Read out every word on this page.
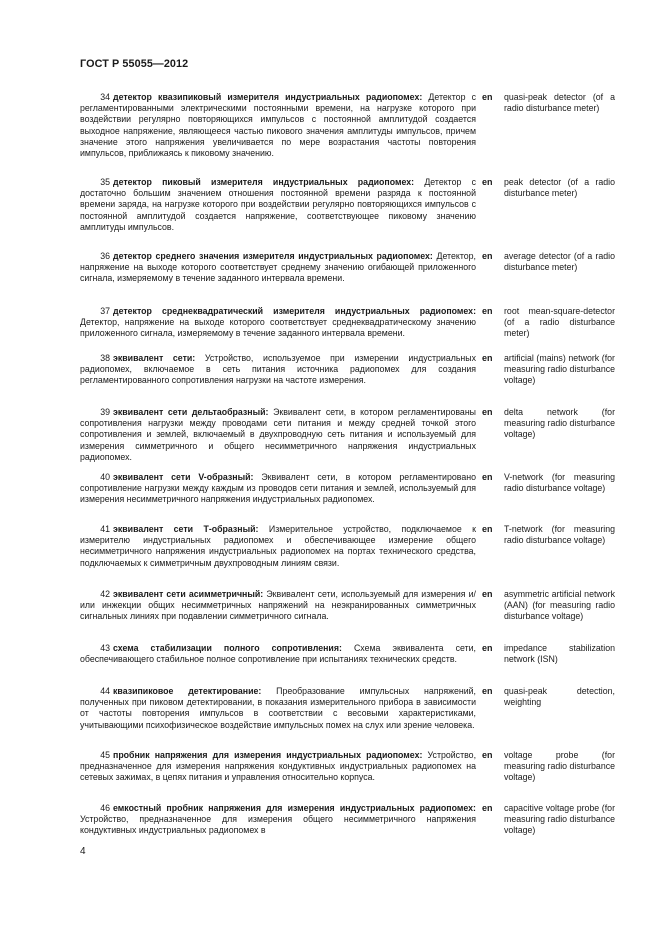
ГОСТ Р 55055—2012
34 детектор квазипиковый измерителя индустриальных радиопомех: Детектор с регламентированными электрическими постоянными времени, на нагрузке которого при воздействии регулярно повторяющихся импульсов с постоянной амплитудой создается выходное напряжение, являющееся частью пикового значения амплитуды импульсов, причем значение этого напряжения увеличивается по мере возрастания частоты повторения импульсов, приближаясь к пиковому значению.
en	quasi-peak detector (of a radio disturbance meter)
35 детектор пиковый измерителя индустриальных радиопомех: Детектор с достаточно большим значением отношения постоянной времени разряда к постоянной времени заряда, на нагрузке которого при воздействии регулярно повторяющихся импульсов с постоянной амплитудой создается напряжение, соответствующее пиковому значению амплитуды импульсов.
en	peak detector (of a radio disturbance meter)
36 детектор среднего значения измерителя индустриальных радиопомех: Детектор, напряжение на выходе которого соответствует среднему значению огибающей приложенного сигнала, измеряемому в течение заданного интервала времени.
en	average detector (of a radio disturbance meter)
37 детектор среднеквадратический измерителя индустриальных радиопомех: Детектор, напряжение на выходе которого соответствует среднеквадратическому значению приложенного сигнала, измеряемому в течение заданного интервала времени.
en	root mean-square-detector (of a radio disturbance meter)
38 эквивалент сети: Устройство, используемое при измерении индустриальных радиопомех, включаемое в сеть питания источника радиопомех для создания регламентированного сопротивления нагрузки на частоте измерения.
en	artificial (mains) network (for measuring radio disturbance voltage)
39 эквивалент сети дельтаобразный: Эквивалент сети, в котором регламентированы сопротивления нагрузки между проводами сети питания и между средней точкой этого сопротивления и землей, включаемый в двухпроводную сеть питания и используемый для измерения симметричного и общего несимметричного напряжения индустриальных радиопомех.
en	delta network (for measuring radio disturbance voltage)
40 эквивалент сети V-образный: Эквивалент сети, в котором регламентировано сопротивление нагрузки между каждым из проводов сети питания и землей, используемый для измерения несимметричного напряжения индустриальных радиопомех.
en	V-network (for measuring radio disturbance voltage)
41 эквивалент сети Т-образный: Измерительное устройство, подключаемое к измерителю индустриальных радиопомех и обеспечивающее измерение общего несимметричного напряжения индустриальных радиопомех на портах технического средства, подключаемых к симметричным двухпроводным линиям связи.
en	T-network (for measuring radio disturbance voltage)
42 эквивалент сети асимметричный: Эквивалент сети, используемый для измерения и/или инжекции общих несимметричных напряжений на неэкранированных симметричных сигнальных линиях при подавлении симметричного сигнала.
en	asymmetric artificial network (AAN) (for measuring radio disturbance voltage)
43 схема стабилизации полного сопротивления: Схема эквивалента сети, обеспечивающего стабильное полное сопротивление при испытаниях технических средств.
en	impedance stabilization network (ISN)
44 квазипиковое детектирование: Преобразование импульсных напряжений, полученных при пиковом детектировании, в показания измерительного прибора в зависимости от частоты повторения импульсов в соответствии с весовыми характеристиками, учитывающими психофизическое воздействие импульсных помех на слух или зрение человека.
en	quasi-peak detection, weighting
45 пробник напряжения для измерения индустриальных радиопомех: Устройство, предназначенное для измерения напряжения кондуктивных индустриальных радиопомех на сетевых зажимах, в цепях питания и управления относительно корпуса.
en	voltage probe (for measuring radio disturbance voltage)
46 емкостный пробник напряжения для измерения индустриальных радиопомех: Устройство, предназначенное для измерения общего несимметричного напряжения кондуктивных индустриальных радиопомех в
en	capacitive voltage probe (for measuring radio disturbance voltage)
4
